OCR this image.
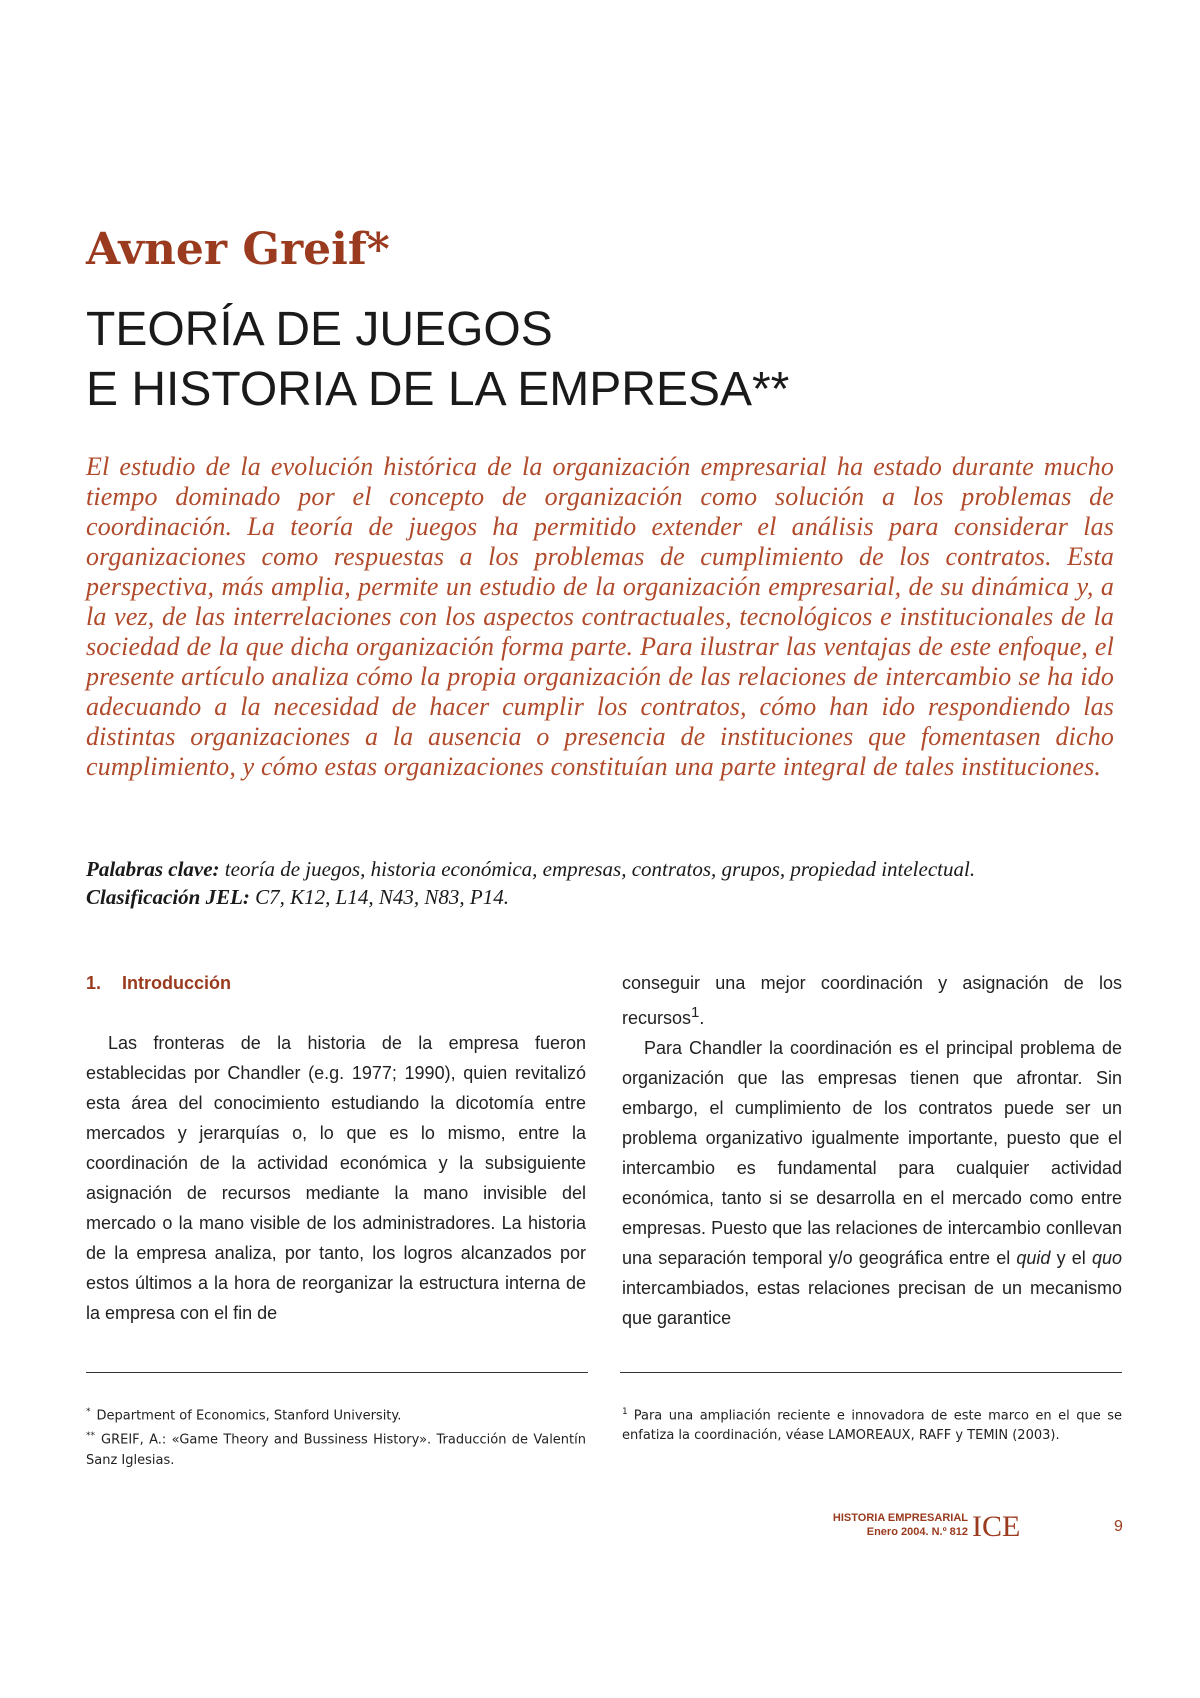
Avner Greif*
TEORÍA DE JUEGOS
E HISTORIA DE LA EMPRESA**

El estudio de la evolución histórica de la organización empresarial ha estado durante mucho tiempo dominado por el concepto de organización como solución a los problemas de coordinación. La teoría de juegos ha permitido extender el análisis para considerar las organizaciones como respuestas a los problemas de cumplimiento de los contratos. Esta perspectiva, más amplia, permite un estudio de la organización empresarial, de su dinámica y, a la vez, de las interrelaciones con los aspectos contractuales, tecnológicos e institucionales de la sociedad de la que dicha organización forma parte. Para ilustrar las ventajas de este enfoque, el presente artículo analiza cómo la propia organización de las relaciones de intercambio se ha ido adecuando a la necesidad de hacer cumplir los contratos, cómo han ido respondiendo las distintas organizaciones a la ausencia o presencia de instituciones que fomentasen dicho cumplimiento, y cómo estas organizaciones constituían una parte integral de tales instituciones.

Palabras clave: teoría de juegos, historia económica, empresas, contratos, grupos, propiedad intelectual.
Clasificación JEL: C7, K12, L14, N43, N83, P14.
1. Introducción

Las fronteras de la historia de la empresa fueron establecidas por Chandler (e.g. 1977; 1990), quien revitalizó esta área del conocimiento estudiando la dicotomía entre mercados y jerarquías o, lo que es lo mismo, entre la coordinación de la actividad económica y la subsiguiente asignación de recursos mediante la mano invisible del mercado o la mano visible de los administradores. La historia de la empresa analiza, por tanto, los logros alcanzados por estos últimos a la hora de reorganizar la estructura interna de la empresa con el fin de

conseguir una mejor coordinación y asignación de los recursos$^1$.

Para Chandler la coordinación es el principal problema de organización que las empresas tienen que afrontar. Sin embargo, el cumplimiento de los contratos puede ser un problema organizativo igualmente importante, puesto que el intercambio es fundamental para cualquier actividad económica, tanto si se desarrolla en el mercado como entre empresas. Puesto que las relaciones de intercambio conllevan una separación temporal y/o geográfica entre el quid y el quo intercambiados, estas relaciones precisan de un mecanismo que garantice

* Department of Economics, Stanford University.

** GREIF, A.: «Game Theory and Bussiness History». Traducción de Valentín Sanz Iglesias.

$^1$ Para una ampliación reciente e innovadora de este marco en el que se enfatiza la coordinación, véase LAMOREAUX, RAFF y TEMIN (2003).

HISTORIA EMPRESARIAL
Enero 2004. N.º 812 ICE	9
